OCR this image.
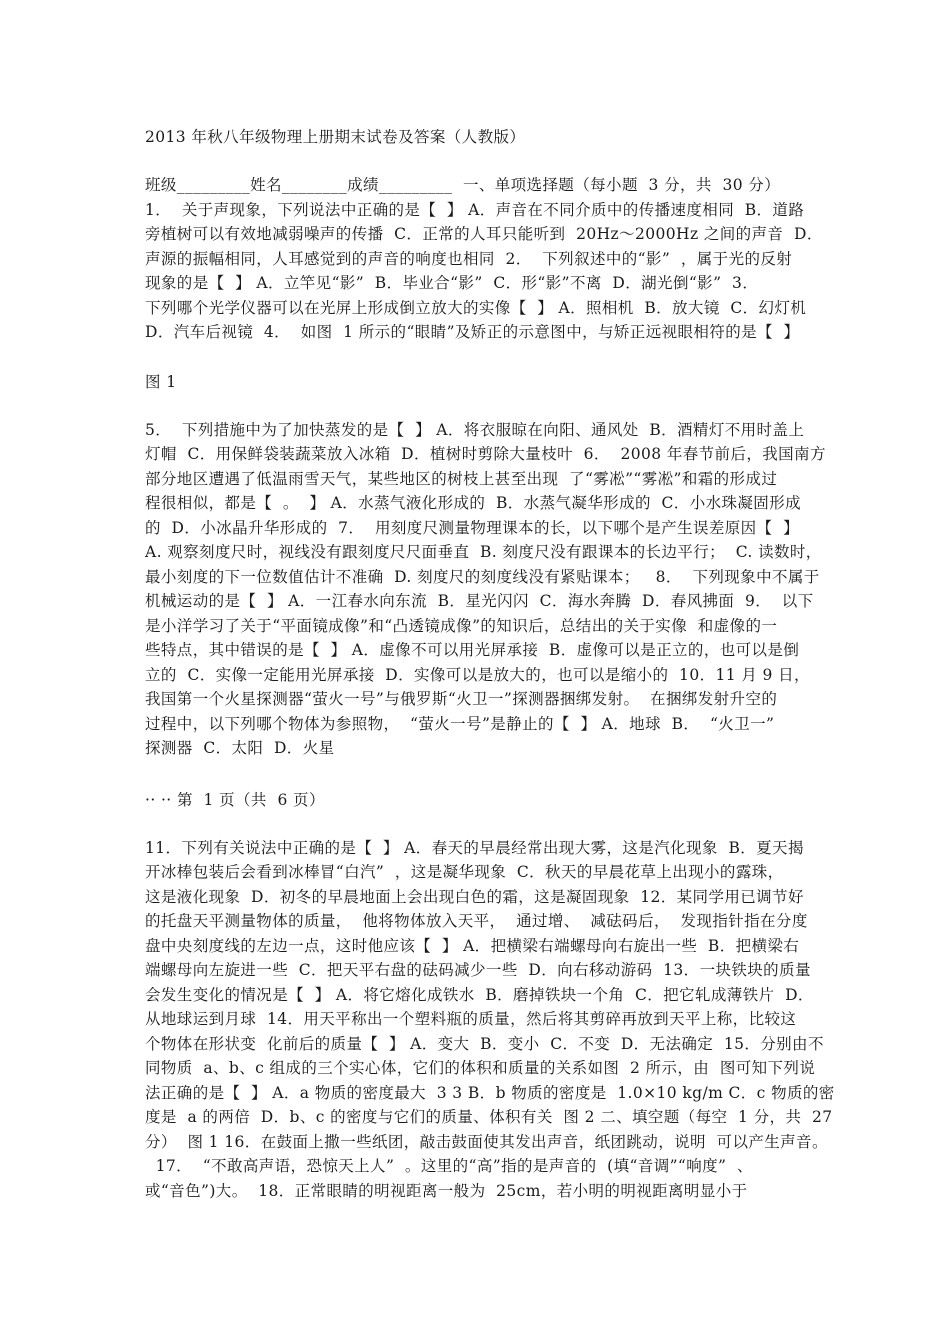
2013 年秋八年级物理上册期末试卷及答案（人教版）
班级_________姓名________成绩_________  一、单项选择题（每小题  3 分，共  30 分）
1．  关于声现象，下列说法中正确的是【  】 A．声音在不同介质中的传播速度相同  B．道路
旁植树可以有效地减弱噪声的传播  C．正常的人耳只能听到  20Hz～2000Hz 之间的声音  D．
声源的振幅相同，人耳感觉到的声音的响度也相同  2．  下列叙述中的“影”  ，属于光的反射
现象的是【  】 A．立竿见“影”  B．毕业合“影”  C．形“影”不离  D．湖光倒“影”  3．
下列哪个光学仪器可以在光屏上形成倒立放大的实像【  】 A．照相机  B．放大镜  C．幻灯机
D．汽车后视镜  4．  如图  1 所示的“眼睛”及矫正的示意图中，与矫正远视眼相符的是【  】
图 1
5．  下列措施中为了加快蒸发的是【  】 A．将衣服晾在向阳、通风处  B．酒精灯不用时盖上
灯帽  C．用保鲜袋装蔬菜放入冰箱  D．植树时剪除大量枝叶  6．  2008 年春节前后，我国南方
部分地区遭遇了低温雨雪天气，某些地区的树枝上甚至出现  了“雾凇”“雾凇”和霜的形成过
程很相似，都是【  。  】 A．水蒸气液化形成的  B．水蒸气凝华形成的  C．小水珠凝固形成
的  D．小冰晶升华形成的  7．  用刻度尺测量物理课本的长，以下哪个是产生误差原因【  】
A. 观察刻度尺时，视线没有跟刻度尺尺面垂直  B. 刻度尺没有跟课本的长边平行；  C. 读数时，
最小刻度的下一位数值估计不准确  D. 刻度尺的刻度线没有紧贴课本；   8．  下列现象中不属于
机械运动的是【  】 A．一江春水向东流  B．星光闪闪  C．海水奔腾  D．春风拂面  9．  以下
是小洋学习了关于“平面镜成像”和“凸透镜成像”的知识后，总结出的关于实像  和虚像的一
些特点，其中错误的是【  】 A．虚像不可以用光屏承接  B．虚像可以是正立的，也可以是倒
立的  C．实像一定能用光屏承接  D．实像可以是放大的，也可以是缩小的  10．11 月 9 日，
我国第一个火星探测器“萤火一号”与俄罗斯“火卫一”探测器捆绑发射。  在捆绑发射升空的
过程中，以下列哪个物体为参照物，  “萤火一号”是静止的【  】 A．地球  B．  “火卫一”
探测器  C．太阳  D．火星
·· ·· 第  1 页（共  6 页）
11．下列有关说法中正确的是【  】 A．春天的早晨经常出现大雾，这是汽化现象  B．夏天揭
开冰棒包装后会看到冰棒冒“白汽”  ，这是凝华现象  C．秋天的早晨花草上出现小的露珠，
这是液化现象  D．初冬的早晨地面上会出现白色的霜，这是凝固现象  12．某同学用已调节好
的托盘天平测量物体的质量，  他将物体放入天平，  通过增、  减砝码后，  发现指针指在分度
盘中央刻度线的左边一点，这时他应该【  】 A．把横梁右端螺母向右旋出一些  B．把横梁右
端螺母向左旋进一些  C．把天平右盘的砝码减少一些  D．向右移动游码  13．一块铁块的质量
会发生变化的情况是【  】 A．将它熔化成铁水  B．磨掉铁块一个角  C．把它轧成薄铁片  D．
从地球运到月球  14．用天平称出一个塑料瓶的质量，然后将其剪碎再放到天平上称，比较这
个物体在形状变  化前后的质量【  】 A．变大  B．变小  C．不变  D．无法确定  15．分别由不
同物质  a、b、c 组成的三个实心体，它们的体积和质量的关系如图  2 所示，由  图可知下列说
法正确的是【  】 A．a 物质的密度最大  3 3 B．b 物质的密度是  1.0×10 kg/m C．c 物质的密
度是  a 的两倍  D．b、c 的密度与它们的质量、体积有关  图 2 二、填空题（每空  1 分，共  27
分）  图 1 16．在鼓面上撒一些纸团，敲击鼓面使其发出声音，纸团跳动，说明  可以产生声音。
17．  “不敢高声语，恐惊天上人”  。这里的“高”指的是声音的  (填“音调”“响度”  、
或“音色”)大。  18．正常眼睛的明视距离一般为  25cm，若小明的明视距离明显小于
